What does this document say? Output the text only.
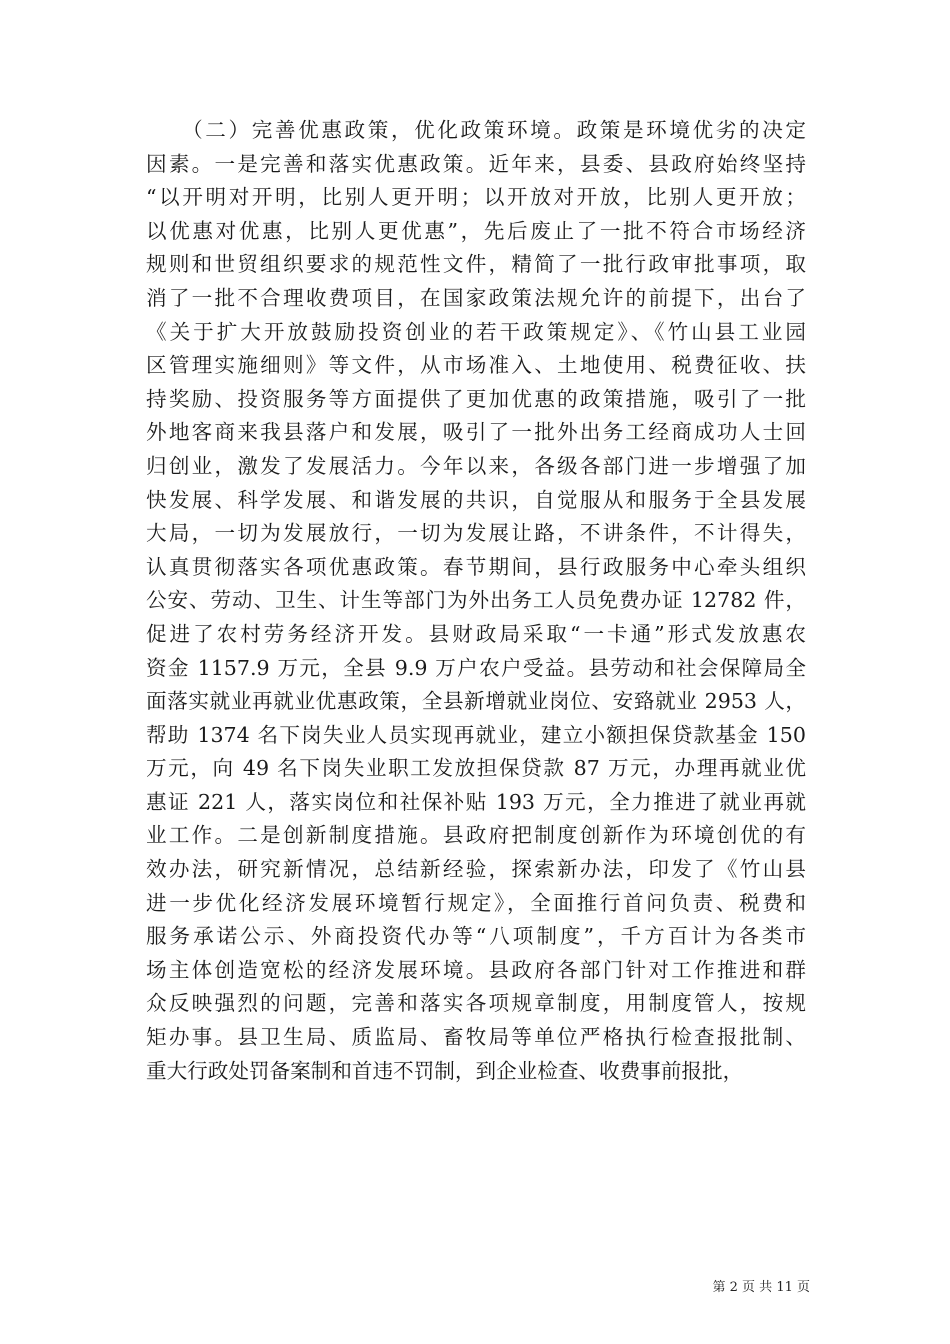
　　（二）完善优惠政策，优化政策环境。政策是环境优劣的决定
因素。一是完善和落实优惠政策。近年来，县委、县政府始终坚持
“以开明对开明，比别人更开明；以开放对开放，比别人更开放；
以优惠对优惠，比别人更优惠”，先后废止了一批不符合市场经济
规则和世贸组织要求的规范性文件，精简了一批行政审批事项，取
消了一批不合理收费项目，在国家政策法规允许的前提下，出台了
《关于扩大开放鼓励投资创业的若干政策规定》、《竹山县工业园
区管理实施细则》等文件，从市场准入、土地使用、税费征收、扶
持奖励、投资服务等方面提供了更加优惠的政策措施，吸引了一批
外地客商来我县落户和发展，吸引了一批外出务工经商成功人士回
归创业，激发了发展活力。今年以来，各级各部门进一步增强了加
快发展、科学发展、和谐发展的共识，自觉服从和服务于全县发展
大局，一切为发展放行，一切为发展让路，不讲条件，不计得失，
认真贯彻落实各项优惠政策。春节期间，县行政服务中心牵头组织
公安、劳动、卫生、计生等部门为外出务工人员免费办证 12782 件，
促进了农村劳务经济开发。县财政局采取“一卡通”形式发放惠农
资金 1157.9 万元，全县 9.9 万户农户受益。县劳动和社会保障局全
面落实就业再就业优惠政策，全县新增就业岗位、安臵就业 2953 人，
帮助 1374 名下岗失业人员实现再就业，建立小额担保贷款基金 150
万元，向 49 名下岗失业职工发放担保贷款 87 万元，办理再就业优
惠证 221 人，落实岗位和社保补贴 193 万元，全力推进了就业再就
业工作。二是创新制度措施。县政府把制度创新作为环境创优的有
效办法，研究新情况，总结新经验，探索新办法，印发了《竹山县
进一步优化经济发展环境暂行规定》，全面推行首问负责、税费和
服务承诺公示、外商投资代办等“八项制度”，千方百计为各类市
场主体创造宽松的经济发展环境。县政府各部门针对工作推进和群
众反映强烈的问题，完善和落实各项规章制度，用制度管人，按规
矩办事。县卫生局、质监局、畜牧局等单位严格执行检查报批制、
重大行政处罚备案制和首违不罚制，到企业检查、收费事前报批，
第 2 页 共 11 页
